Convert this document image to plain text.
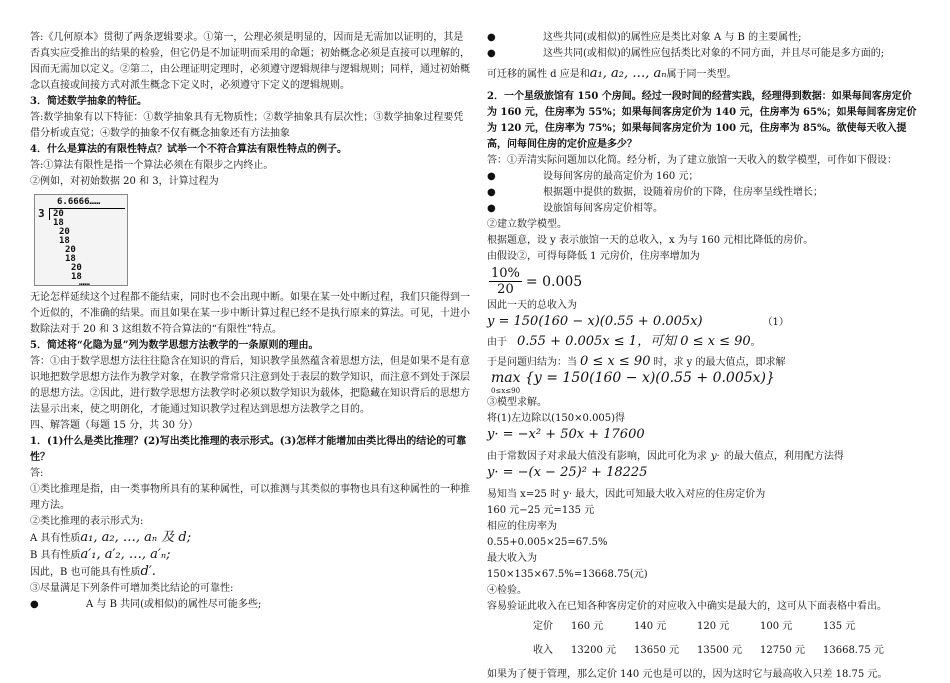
答:《几何原本》贯彻了两条逻辑要求。①第一，公理必须是明显的，因而是无需加以证明的，其是否真实应受推出的结果的检验，但它仍是不加证明而采用的命题；初始概念必须是直接可以理解的，因而无需加以定义。②第二，由公理证明定理时，必须遵守逻辑规律与逻辑规则；同样，通过初始概念以直接或间接方式对派生概念下定义时，必须遵守下定义的逻辑规则。

3．简述数学抽象的特征。

答:数学抽象有以下特征：①数学抽象具有无物质性；②数学抽象具有层次性；③数学抽象过程要凭借分析或直觉；④数学的抽象不仅有概念抽象还有方法抽象

4．什么是算法的有限性特点？试举一个不符合算法有限性特点的例子。

答:①算法有限性是指一个算法必须在有限步之内终止。

②例如，对初始数据 20 和 3，计算过程为

6.6666……
3 20
18
20
18
20
18
20
18
……

无论怎样延续这个过程都不能结束，同时也不会出现中断。如果在某一处中断过程，我们只能得到一个近似的，不准确的结果。而且如果在某一步中断计算过程已经不是执行原来的算法。可见，十进小数除法对于 20 和 3 这组数不符合算法的“有限性”特点。

5．简述将“化隐为显”列为数学思想方法教学的一条原则的理由。

答：①由于数学思想方法往往隐含在知识的背后，知识教学虽然蕴含着思想方法，但是如果不是有意识地把数学思想方法作为教学对象，在教学常常只注意到处于表层的数学知识，而注意不到处于深层的思想方法。②因此，进行数学思想方法教学时必须以数学知识为载体，把隐藏在知识背后的思想方法显示出来，使之明朗化，才能通过知识教学过程达到思想方法教学之目的。

四、解答题（每题 15 分，共 30 分）

1．(1)什么是类比推理？(2)写出类比推理的表示形式。(3)怎样才能增加由类比得出的结论的可靠性？

答:

①类比推理是指，由一类事物所具有的某种属性，可以推测与其类似的事物也具有这种属性的一种推理方法。

②类比推理的表示形式为:

A 具有性质 a₁, a₂, …, aₙ 及 d;

B 具有性质 a′₁, a′₂, …, a′ₙ;

因此，B 也可能具有性质 d′.

③尽量满足下列条件可增加类比结论的可靠性:

●	A 与 B 共同(或相似)的属性尽可能多些;
●	这些共同(或相似)的属性应是类比对象 A 与 B 的主要属性;
●	这些共同(或相似)的属性应包括类比对象的不同方面，并且尽可能是多方面的;

可迁移的属性 d 应是和 a₁, a₂, …, aₙ 属于同一类型。

2．一个星级旅馆有 150 个房间。经过一段时间的经营实践，经理得到数据：如果每间客房定价为 160 元，住房率为 55%；如果每间客房定价为 140 元，住房率为 65%；如果每间客房定价为 120 元，住房率为 75%；如果每间客房定价为 100 元，住房率为 85%。欲使每天收入提高，问每间住房的定价应是多少？

答：①弄清实际问题加以化简。经分析，为了建立旅馆一天收入的数学模型，可作如下假设：

●	设每间客房的最高定价为 160 元；
●	根据题中提供的数据，设随着房价的下降，住房率呈线性增长；
●	设旅馆每间客房定价相等。

②建立数学模型。

根据题意，设 y 表示旅馆一天的总收入，x 为与 160 元相比降低的房价。

由假设②，可得每降低 1 元房价，住房率增加为

$\frac{10\%}{20} = 0.005$

因此一天的总收入为

y = 150(160 − x)(0.55 + 0.005x)	（1）

由于 0.55 + 0.005x ≤ 1，可知 0 ≤ x ≤ 90 。

于是问题归结为：当 0 ≤ x ≤ 90 时，求 y 的最大值点，即求解

max {y = 150(160 − x)(0.55 + 0.005x)}
0≤x≤90

③模型求解。

将(1)左边除以(150×0.005)得

y· = −x² + 50x + 17600

由于常数因子对求最大值没有影响，因此可化为求 y· 的最大值点，利用配方法得

y· = −(x − 25)² + 18225

易知当 x=25 时 y· 最大，因此可知最大收入对应的住房定价为

160 元−25 元=135 元

相应的住房率为

0.55+0.005×25=67.5%

最大收入为

150×135×67.5%=13668.75(元)

④检验。

容易验证此收入在已知各种客房定价的对应收入中确实是最大的，这可从下面表格中看出。

定价	160 元	140 元	120 元	100 元	135 元
收入	13200 元	13650 元	13500 元	12750 元	13668.75 元

如果为了便于管理，那么定价 140 元也是可以的，因为这时它与最高收入只差 18.75 元。
